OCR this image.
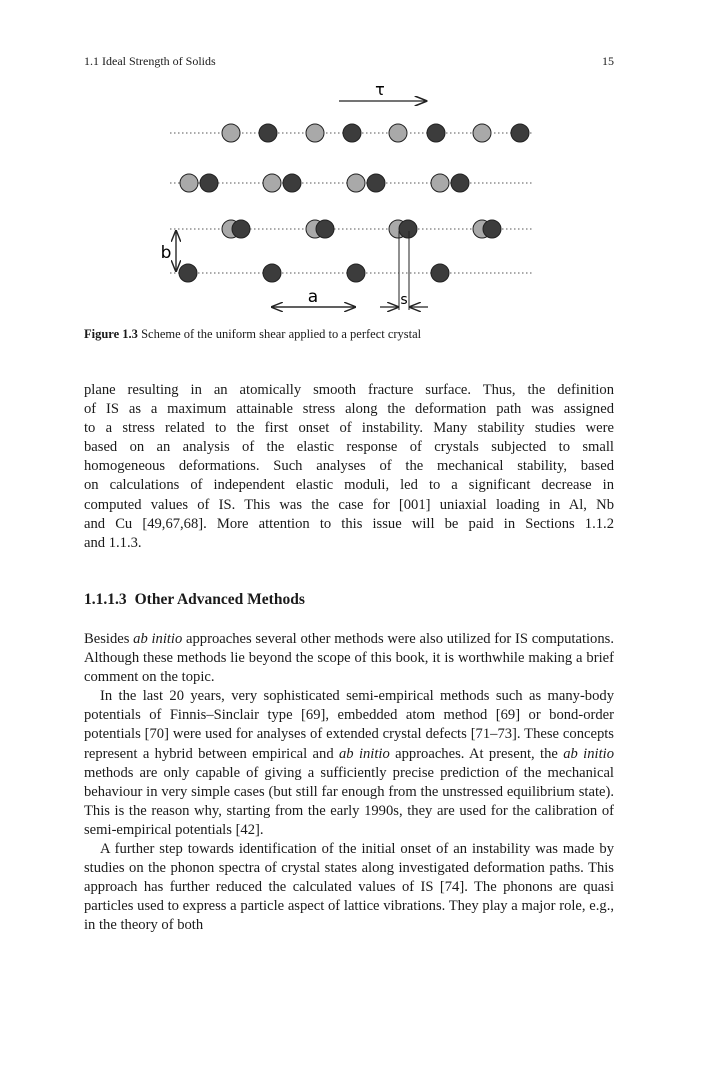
1.1 Ideal Strength of Solids	15
τ
b
a	s
Figure 1.3 Scheme of the uniform shear applied to a perfect crystal

plane resulting in an atomically smooth fracture surface. Thus, the definition
of IS as a maximum attainable stress along the deformation path was assigned
to a stress related to the first onset of instability. Many stability studies were
based on an analysis of the elastic response of crystals subjected to small
homogeneous deformations. Such analyses of the mechanical stability, based
on calculations of independent elastic moduli, led to a significant decrease in
computed values of IS. This was the case for [001] uniaxial loading in Al, Nb
and Cu [49,67,68]. More attention to this issue will be paid in Sections 1.1.2
and 1.1.3.

1.1.1.3 Other Advanced Methods

Besides ab initio approaches several other methods were also utilized for IS computations. Although these methods lie beyond the scope of this book, it is worthwhile making a brief comment on the topic.

In the last 20 years, very sophisticated semi-empirical methods such as many-body potentials of Finnis–Sinclair type [69], embedded atom method [69] or bond-order potentials [70] were used for analyses of extended crystal defects [71–73]. These concepts represent a hybrid between empirical and ab initio approaches. At present, the ab initio methods are only capable of giving a sufficiently precise prediction of the mechanical behaviour in very simple cases (but still far enough from the unstressed equilibrium state). This is the reason why, starting from the early 1990s, they are used for the calibration of semi-empirical potentials [42].

A further step towards identification of the initial onset of an instability was made by studies on the phonon spectra of crystal states along investigated deformation paths. This approach has further reduced the calculated values of IS [74]. The phonons are quasi particles used to express a particle aspect of lattice vibrations. They play a major role, e.g., in the theory of both
